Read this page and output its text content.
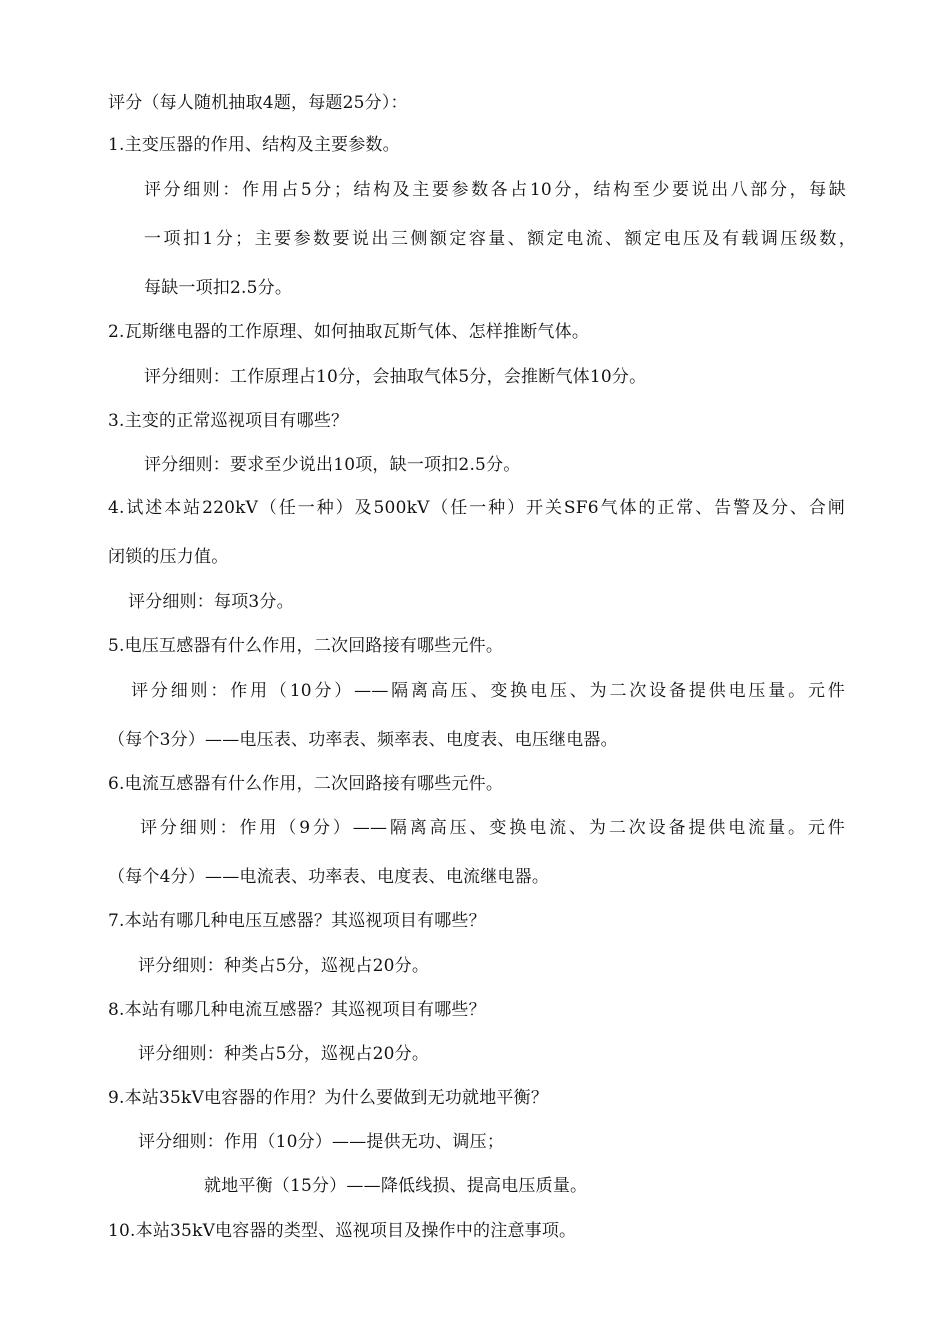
评分（每人随机抽取4题，每题25分）：
1.主变压器的作用、结构及主要参数。
评分细则：作用占5分；结构及主要参数各占10分，结构至少要说出八部分，每缺
一项扣1分；主要参数要说出三侧额定容量、额定电流、额定电压及有载调压级数，
每缺一项扣2.5分。
2.瓦斯继电器的工作原理、如何抽取瓦斯气体、怎样推断气体。
评分细则：工作原理占10分，会抽取气体5分，会推断气体10分。
3.主变的正常巡视项目有哪些？
评分细则：要求至少说出10项，缺一项扣2.5分。
4.试述本站220kV（任一种）及500kV（任一种）开关SF6气体的正常、告警及分、合闸
闭锁的压力值。
评分细则：每项3分。
5.电压互感器有什么作用，二次回路接有哪些元件。
评分细则：作用（10分）——隔离高压、变换电压、为二次设备提供电压量。元件
（每个3分）——电压表、功率表、频率表、电度表、电压继电器。
6.电流互感器有什么作用，二次回路接有哪些元件。
评分细则：作用（9分）——隔离高压、变换电流、为二次设备提供电流量。元件
（每个4分）——电流表、功率表、电度表、电流继电器。
7.本站有哪几种电压互感器？其巡视项目有哪些？
评分细则：种类占5分，巡视占20分。
8.本站有哪几种电流互感器？其巡视项目有哪些？
评分细则：种类占5分，巡视占20分。
9.本站35kV电容器的作用？为什么要做到无功就地平衡？
评分细则：作用（10分）——提供无功、调压；
就地平衡（15分）——降低线损、提高电压质量。
10.本站35kV电容器的类型、巡视项目及操作中的注意事项。
